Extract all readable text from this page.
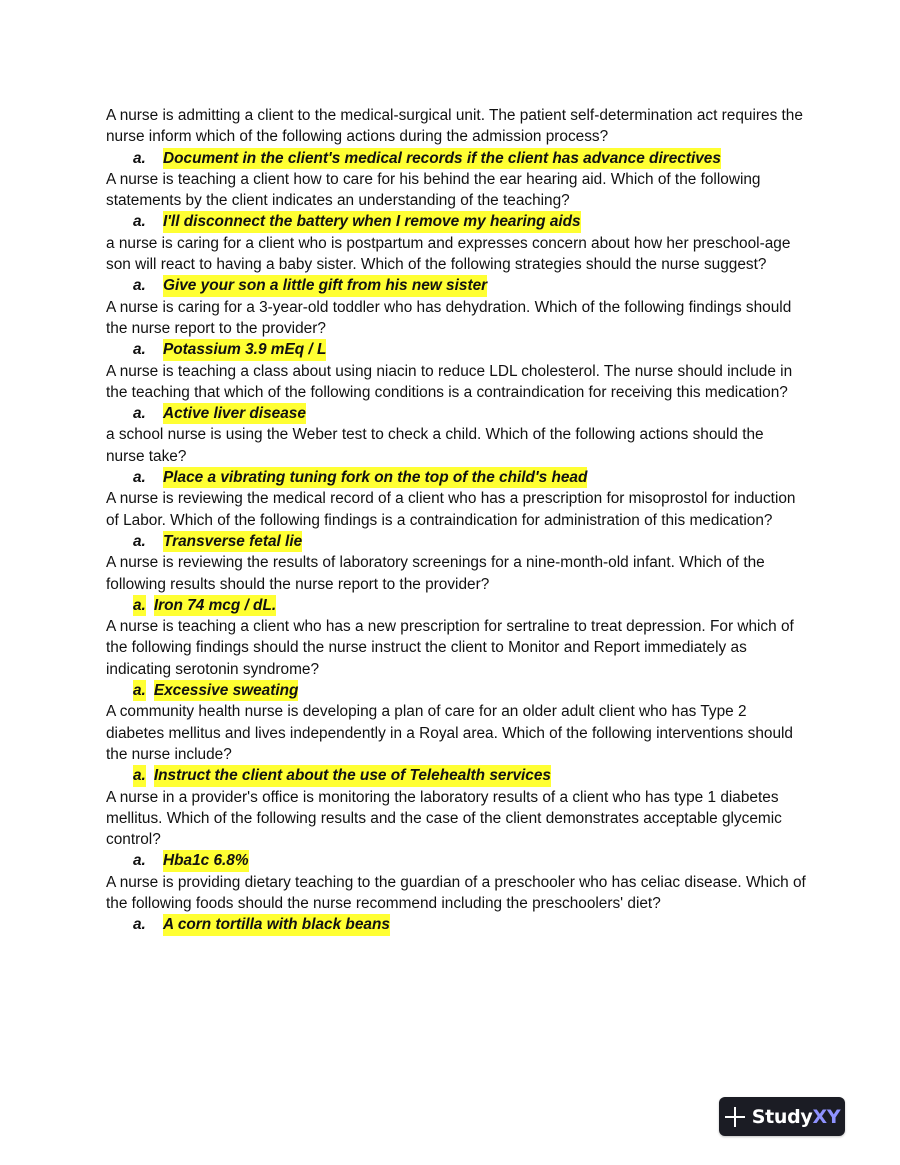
A nurse is admitting a client to the medical-surgical unit. The patient self-determination act requires the nurse inform which of the following actions during the admission process?

a.	Document in the client's medical records if the client has advance directives

A nurse is teaching a client how to care for his behind the ear hearing aid. Which of the following statements by the client indicates an understanding of the teaching?

a.	I'll disconnect the battery when I remove my hearing aids

a nurse is caring for a client who is postpartum and expresses concern about how her preschool-age son will react to having a baby sister. Which of the following strategies should the nurse suggest?

a.	Give your son a little gift from his new sister

A nurse is caring for a 3-year-old toddler who has dehydration. Which of the following findings should the nurse report to the provider?

a.	Potassium 3.9 mEq / L

A nurse is teaching a class about using niacin to reduce LDL cholesterol. The nurse should include in the teaching that which of the following conditions is a contraindication for receiving this medication?

a.	Active liver disease

a school nurse is using the Weber test to check a child. Which of the following actions should the nurse take?

a.	Place a vibrating tuning fork on the top of the child's head

A nurse is reviewing the medical record of a client who has a prescription for misoprostol for induction of Labor. Which of the following findings is a contraindication for administration of this medication?

a.	Transverse fetal lie

A nurse is reviewing the results of laboratory screenings for a nine-month-old infant. Which of the following results should the nurse report to the provider?

a. Iron 74 mcg / dL.

A nurse is teaching a client who has a new prescription for sertraline to treat depression. For which of the following findings should the nurse instruct the client to Monitor and Report immediately as indicating serotonin syndrome?

a. Excessive sweating

A community health nurse is developing a plan of care for an older adult client who has Type 2 diabetes mellitus and lives independently in a Royal area. Which of the following interventions should the nurse include?

a. Instruct the client about the use of Telehealth services

A nurse in a provider's office is monitoring the laboratory results of a client who has type 1 diabetes mellitus. Which of the following results and the case of the client demonstrates acceptable glycemic control?

a.	Hba1c 6.8%

A nurse is providing dietary teaching to the guardian of a preschooler who has celiac disease. Which of the following foods should the nurse recommend including the preschoolers' diet?

a.	A corn tortilla with black beans
StudyXY
